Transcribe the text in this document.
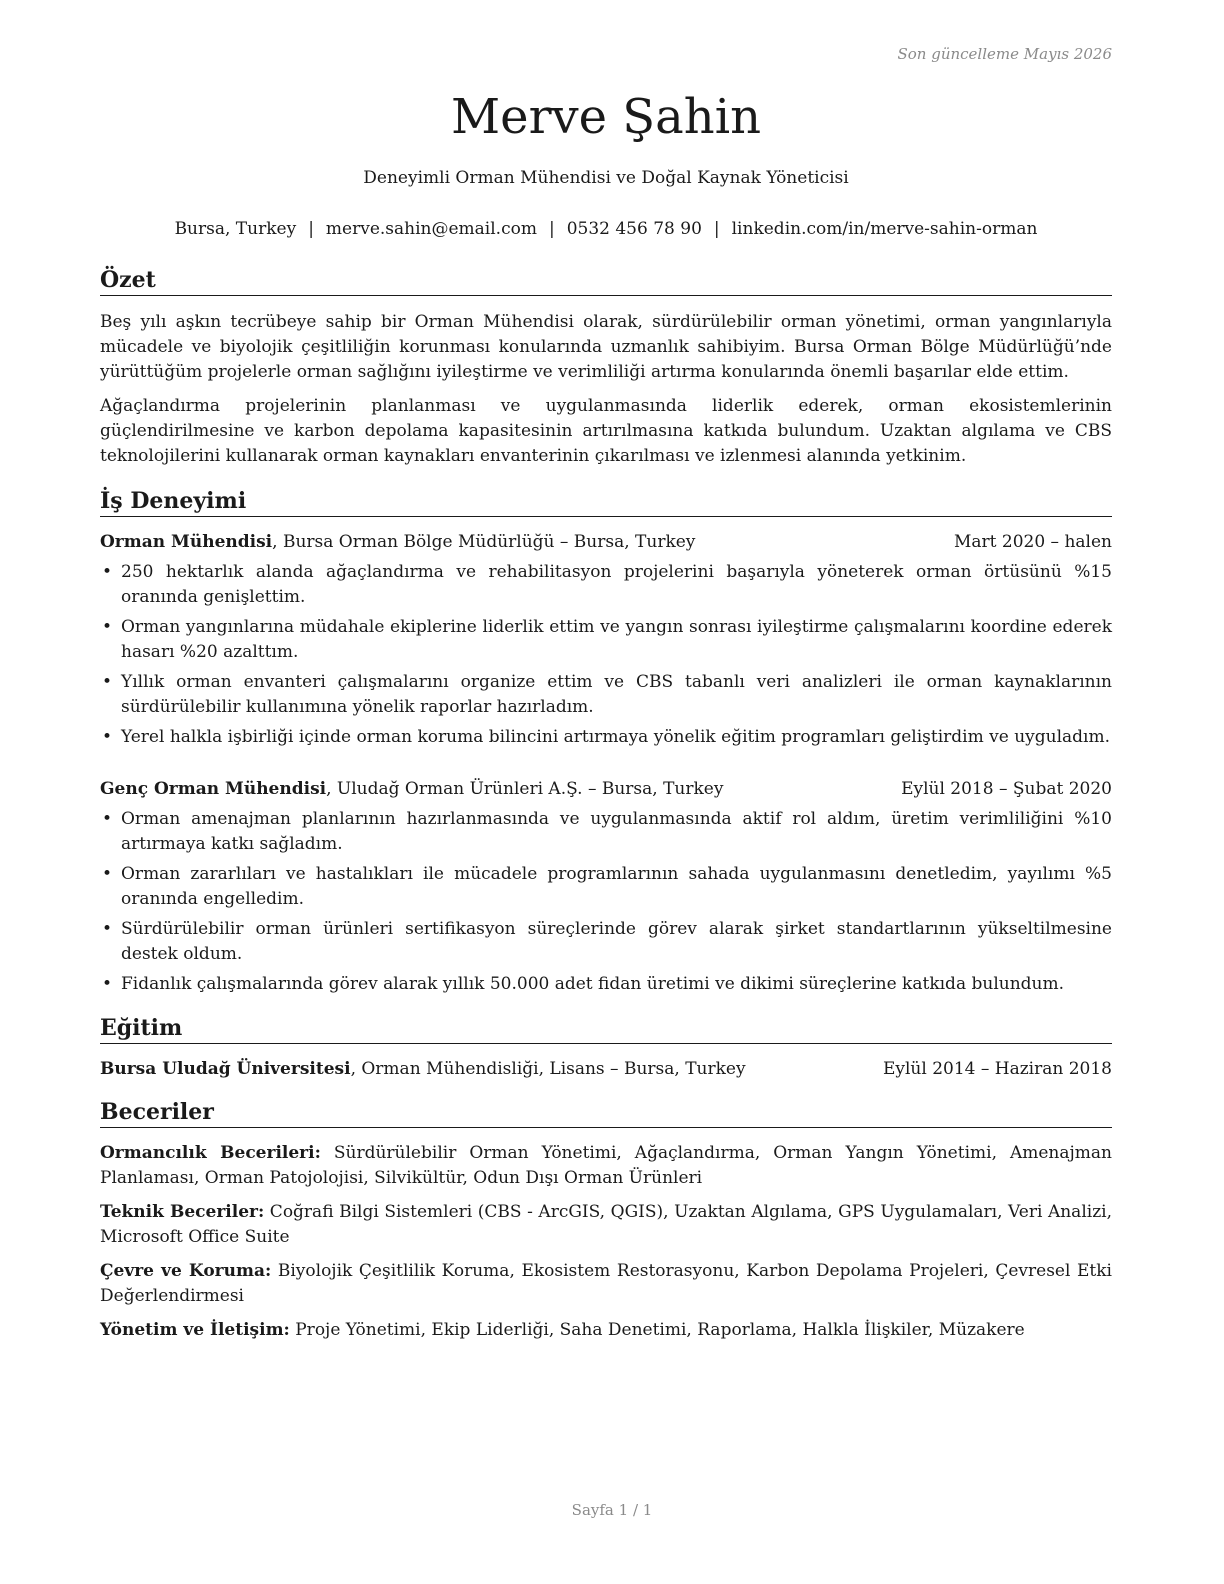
Son güncelleme Mayıs 2026
Merve Şahin
Deneyimli Orman Mühendisi ve Doğal Kaynak Yöneticisi
Bursa, Turkey | merve.sahin@email.com | 0532 456 78 90 | linkedin.com/in/merve-sahin-orman
Özet

Beş yılı aşkın tecrübeye sahip bir Orman Mühendisi olarak, sürdürülebilir orman yönetimi, orman yangınlarıyla mücadele ve biyolojik çeşitliliğin korunması konularında uzmanlık sahibiyim. Bursa Orman Bölge Müdürlüğü’nde yürüttüğüm projelerle orman sağlığını iyileştirme ve verimliliği artırma konularında önemli başarılar elde ettim.

Ağaçlandırma projelerinin planlanması ve uygulanmasında liderlik ederek, orman ekosistemlerinin güçlendirilmesine ve karbon depolama kapasitesinin artırılmasına katkıda bulundum. Uzaktan algılama ve CBS teknolojilerini kullanarak orman kaynakları envanterinin çıkarılması ve izlenmesi alanında yetkinim.

İş Deneyimi
Orman Mühendisi, Bursa Orman Bölge Müdürlüğü – Bursa, Turkey	Mart 2020 – halen
• 250 hektarlık alanda ağaçlandırma ve rehabilitasyon projelerini başarıyla yöneterek orman örtüsünü %15 oranında genişlettim.
• Orman yangınlarına müdahale ekiplerine liderlik ettim ve yangın sonrası iyileştirme çalışmalarını koordine ederek hasarı %20 azalttım.
• Yıllık orman envanteri çalışmalarını organize ettim ve CBS tabanlı veri analizleri ile orman kaynaklarının sürdürülebilir kullanımına yönelik raporlar hazırladım.
• Yerel halkla işbirliği içinde orman koruma bilincini artırmaya yönelik eğitim programları geliştirdim ve uyguladım.
Genç Orman Mühendisi, Uludağ Orman Ürünleri A.Ş. – Bursa, Turkey	Eylül 2018 – Şubat 2020
• Orman amenajman planlarının hazırlanmasında ve uygulanmasında aktif rol aldım, üretim verimliliğini %10 artırmaya katkı sağladım.
• Orman zararlıları ve hastalıkları ile mücadele programlarının sahada uygulanmasını denetledim, yayılımı %5 oranında engelledim.
• Sürdürülebilir orman ürünleri sertifikasyon süreçlerinde görev alarak şirket standartlarının yükseltilmesine destek oldum.
• Fidanlık çalışmalarında görev alarak yıllık 50.000 adet fidan üretimi ve dikimi süreçlerine katkıda bulundum.
Eğitim
Bursa Uludağ Üniversitesi, Orman Mühendisliği, Lisans – Bursa, Turkey	Eylül 2014 – Haziran 2018
Beceriler

Ormancılık Becerileri: Sürdürülebilir Orman Yönetimi, Ağaçlandırma, Orman Yangın Yönetimi, Amenajman Planlaması, Orman Patojolojisi, Silvikültür, Odun Dışı Orman Ürünleri

Teknik Beceriler: Coğrafi Bilgi Sistemleri (CBS - ArcGIS, QGIS), Uzaktan Algılama, GPS Uygulamaları, Veri Analizi, Microsoft Office Suite

Çevre ve Koruma: Biyolojik Çeşitlilik Koruma, Ekosistem Restorasyonu, Karbon Depolama Projeleri, Çevresel Etki Değerlendirmesi

Yönetim ve İletişim: Proje Yönetimi, Ekip Liderliği, Saha Denetimi, Raporlama, Halkla İlişkiler, Müzakere

Sayfa 1 / 1
